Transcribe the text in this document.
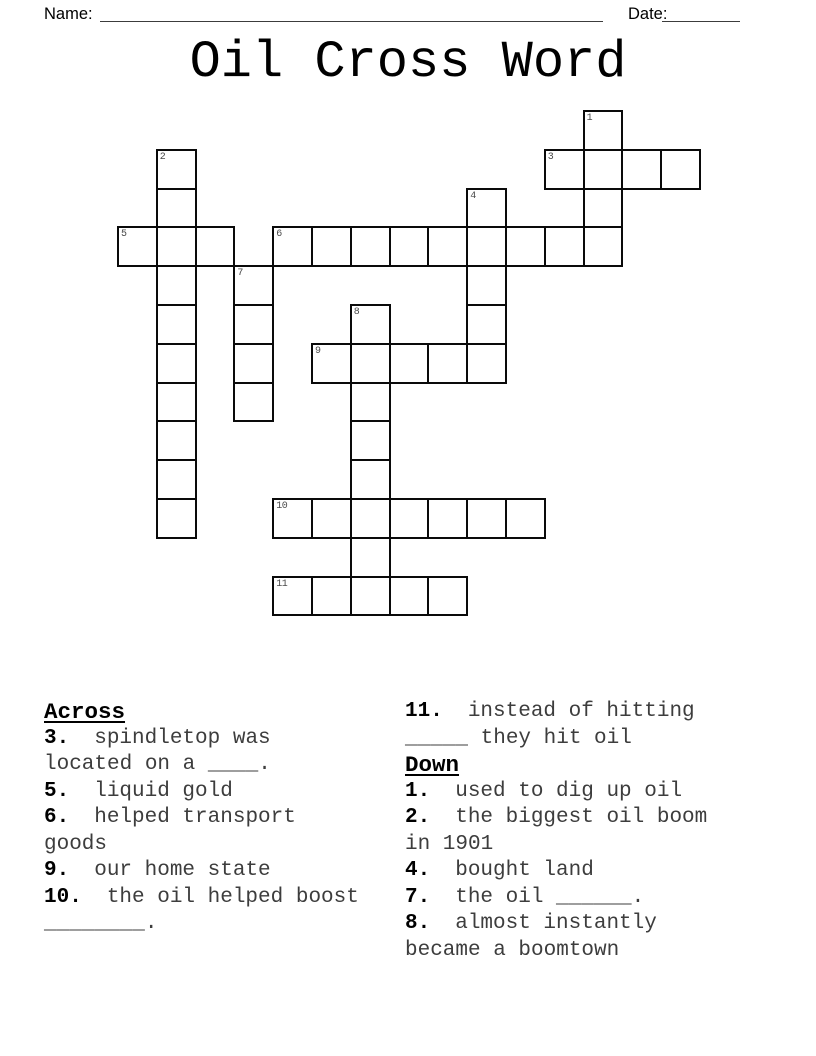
Name:	Date:
Oil Cross Word
1
2	3
4
5	6
7
8
9
10
11
Across
3. spindletop was located on a ____.
5. liquid gold
6. helped transport goods
9. our home state
10. the oil helped boost ________.
11. instead of hitting _____ they hit oil
Down
1. used to dig up oil
2. the biggest oil boom in 1901
4. bought land
7. the oil ______.
8. almost instantly became a boomtown
